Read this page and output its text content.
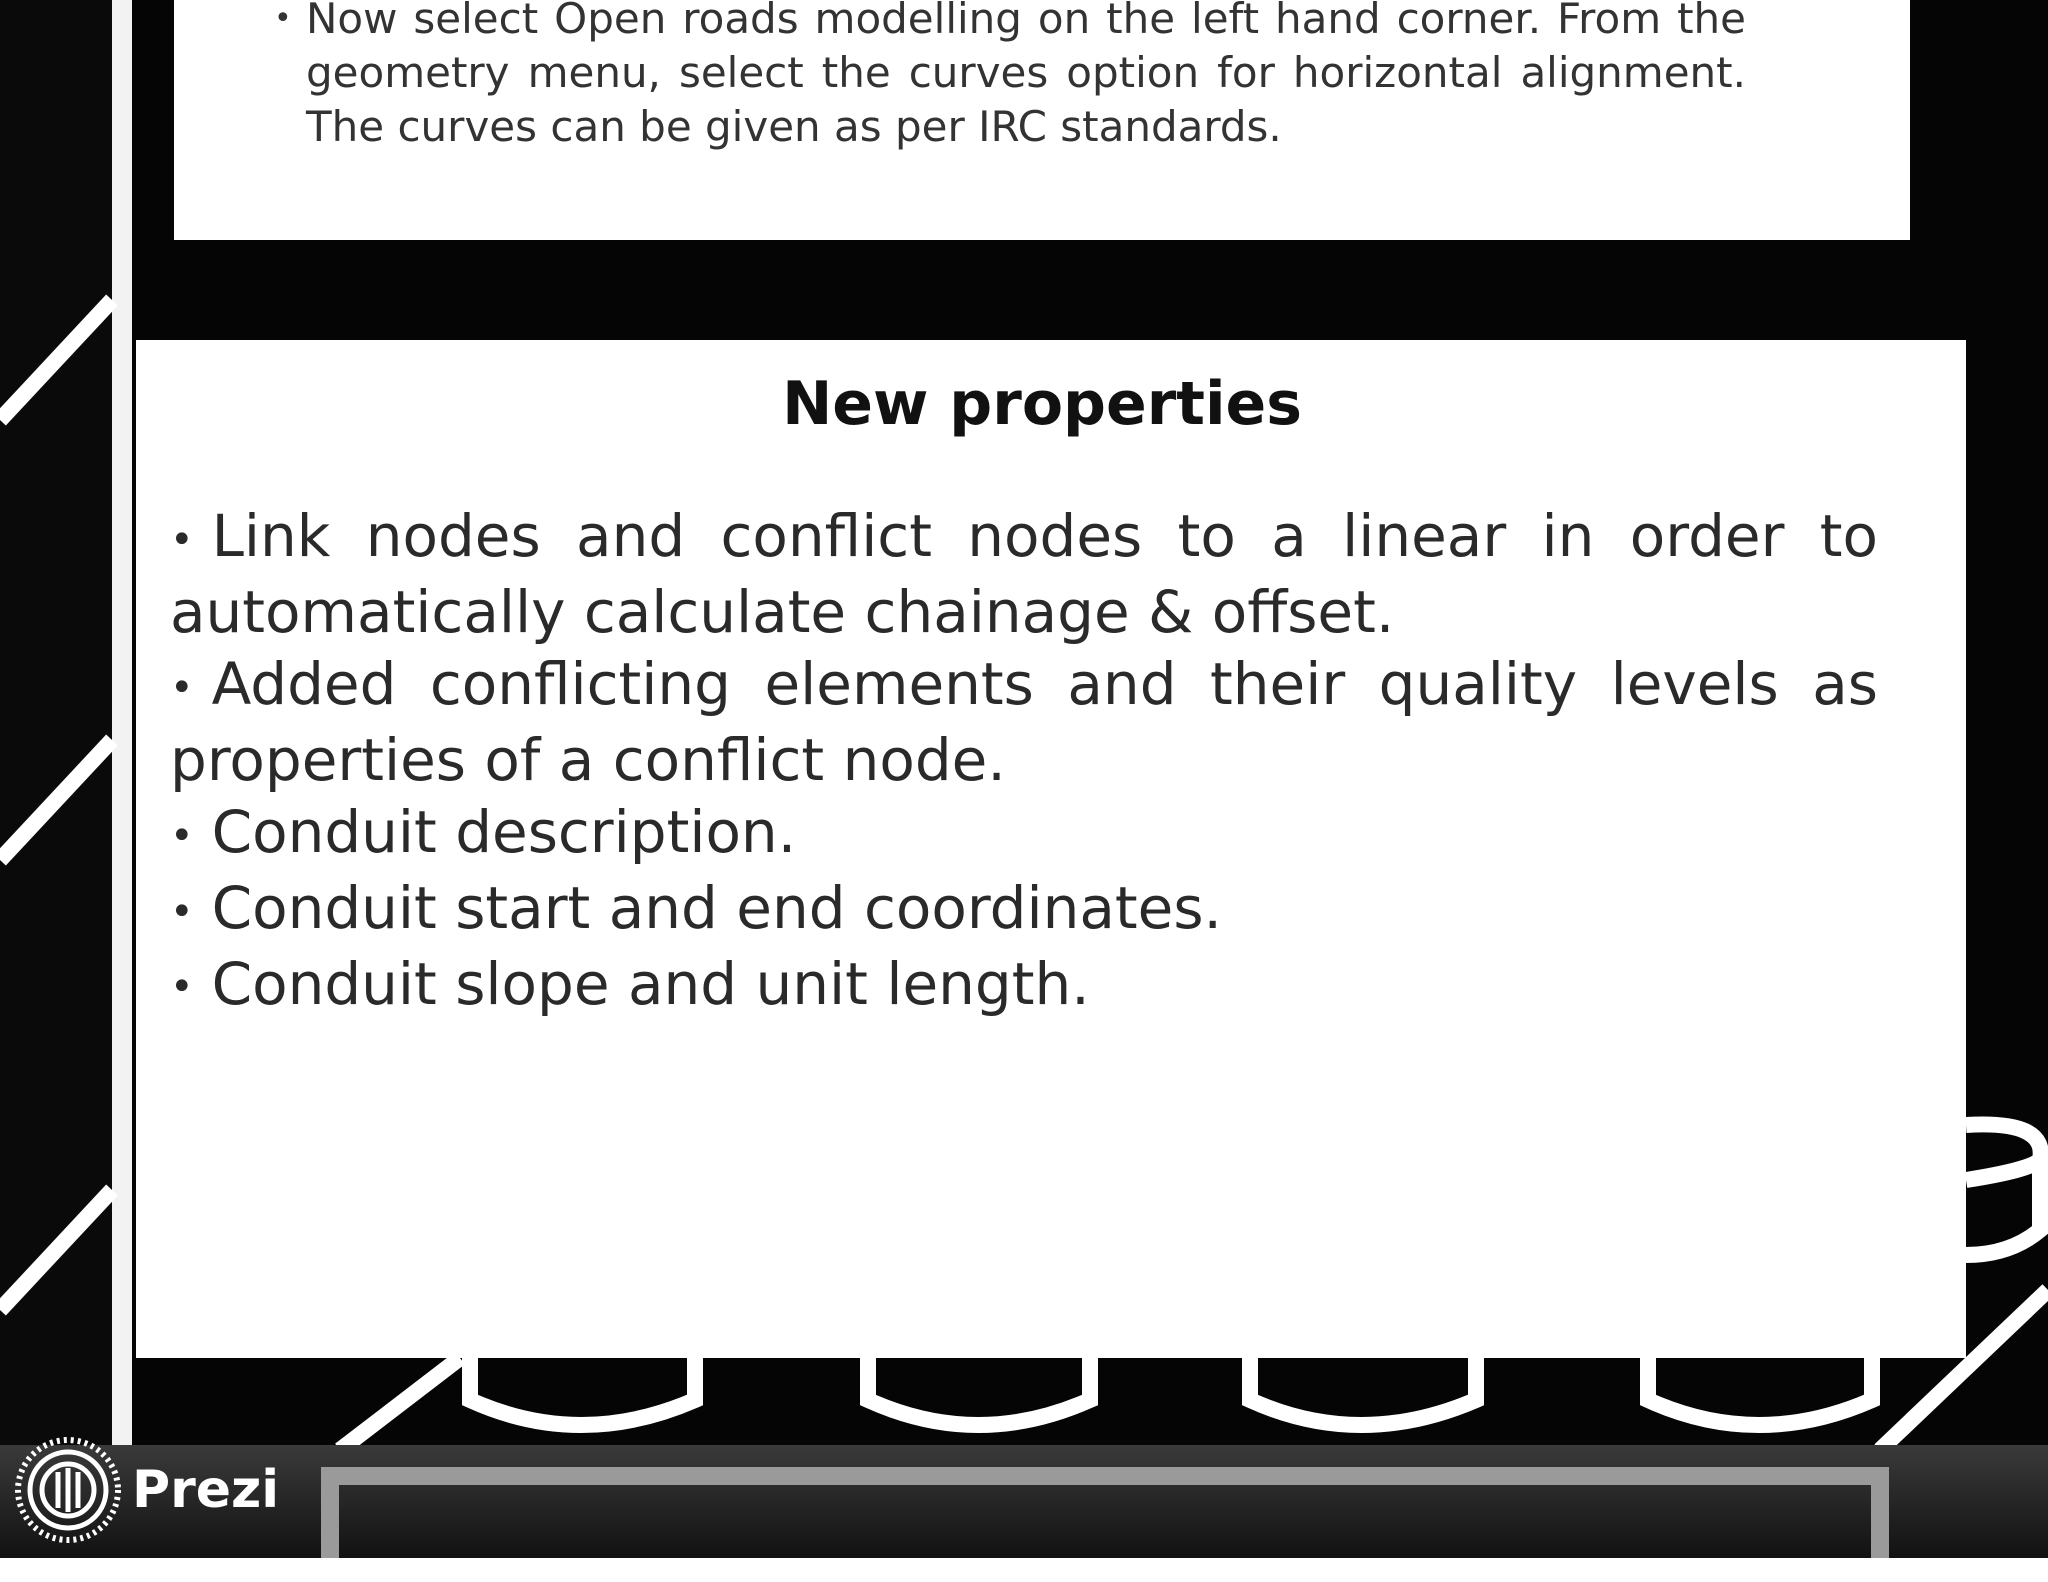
• Now select Open roads modelling on the left hand corner. From the geometry menu, select the curves option for horizontal alignment. The curves can be given as per IRC standards.
New properties
• Link nodes and conflict nodes to a linear in order to automatically calculate chainage & offset.
• Added conflicting elements and their quality levels as properties of a conflict node.
• Conduit description.
• Conduit start and end coordinates.
• Conduit slope and unit length.
Prezi
